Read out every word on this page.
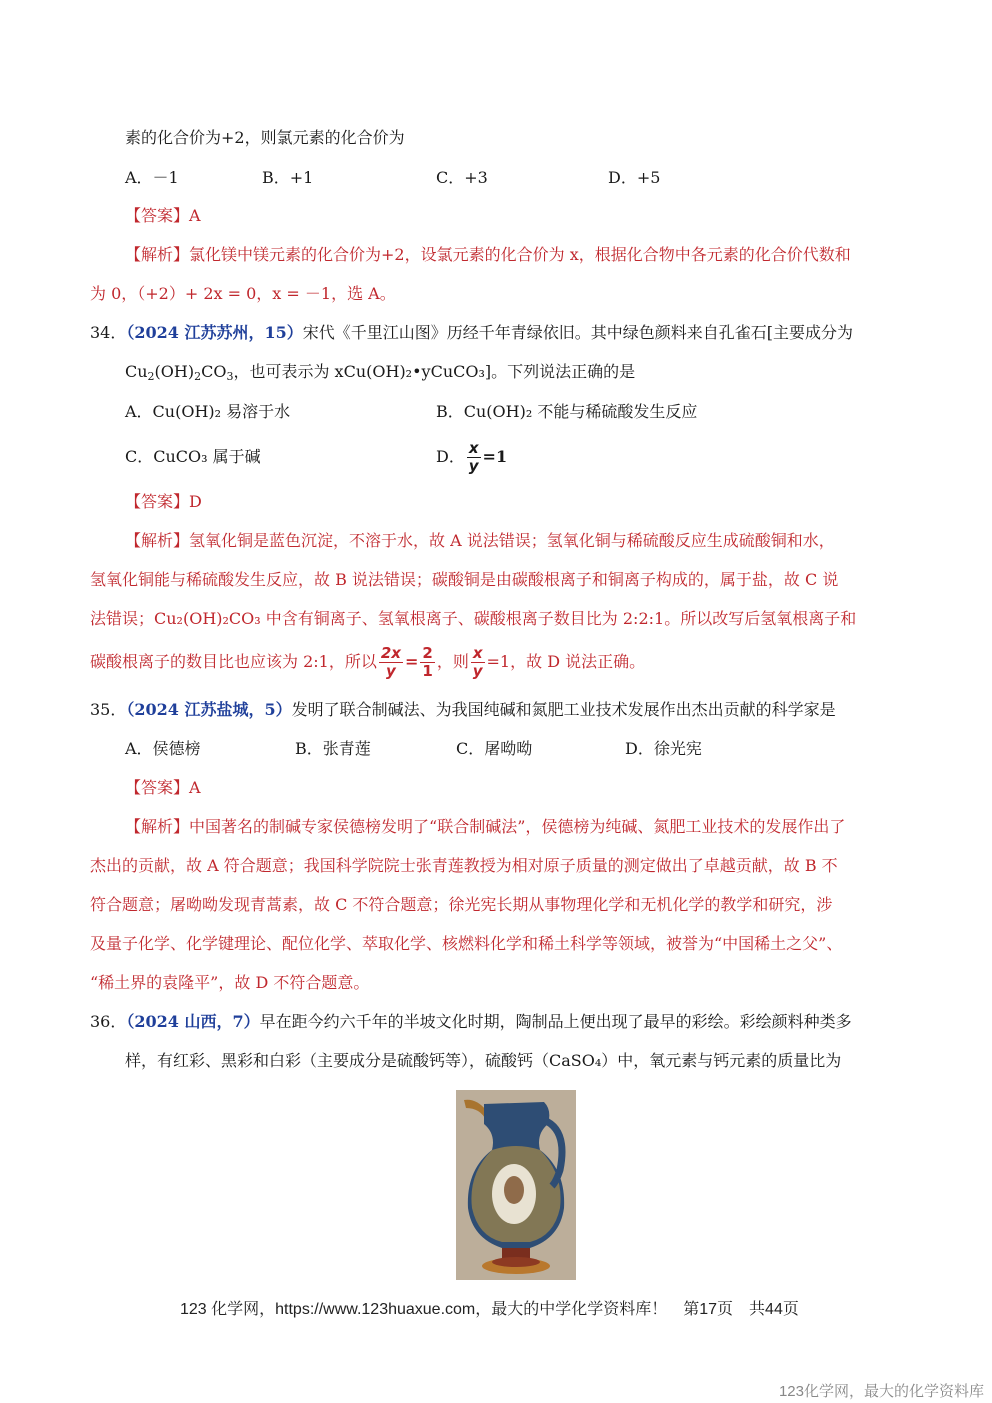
素的化合价为+2，则氯元素的化合价为
A．－1	B．+1	C．+3	D．+5
【答案】A
【解析】氯化镁中镁元素的化合价为+2，设氯元素的化合价为 x，根据化合物中各元素的化合价代数和
为 0，（+2）+ 2x = 0，x = －1，选 A。
34．（2024 江苏苏州，15）宋代《千里江山图》历经千年青绿依旧。其中绿色颜料来自孔雀石[主要成分为
$Cu_2(OH)_2CO_3$，也可表示为 xCu(OH)₂•yCuCO₃]。下列说法正确的是
A．Cu(OH)₂ 易溶于水	B．Cu(OH)₂ 不能与稀硫酸发生反应
C．CuCO₃ 属于碱	D． $\frac{x}{y} =1$
【答案】D
【解析】氢氧化铜是蓝色沉淀，不溶于水，故 A 说法错误；氢氧化铜与稀硫酸反应生成硫酸铜和水，
氢氧化铜能与稀硫酸发生反应，故 B 说法错误；碳酸铜是由碳酸根离子和铜离子构成的，属于盐，故 C 说
法错误；Cu₂(OH)₂CO₃ 中含有铜离子、氢氧根离子、碳酸根离子数目比为 2:2:1。所以改写后氢氧根离子和
碳酸根离子的数目比也应该为 2:1，所以 $\frac{2x}{y} = \frac{2}{1}$ ，则 $\frac{x}{y} =1$，故 D 说法正确。
35．（2024 江苏盐城，5）发明了联合制碱法、为我国纯碱和氮肥工业技术发展作出杰出贡献的科学家是
A．侯德榜	B．张青莲	C．屠呦呦	D．徐光宪
【答案】A
【解析】中国著名的制碱专家侯德榜发明了“联合制碱法”，侯德榜为纯碱、氮肥工业技术的发展作出了
杰出的贡献，故 A 符合题意；我国科学院院士张青莲教授为相对原子质量的测定做出了卓越贡献，故 B 不
符合题意；屠呦呦发现青蒿素，故 C 不符合题意；徐光宪长期从事物理化学和无机化学的教学和研究，涉
及量子化学、化学键理论、配位化学、萃取化学、核燃料化学和稀土科学等领域，被誉为“中国稀土之父”、
“稀土界的袁隆平”，故 D 不符合题意。
36．（2024 山西，7）早在距今约六千年的半坡文化时期，陶制品上便出现了最早的彩绘。彩绘颜料种类多
样，有红彩、黑彩和白彩（主要成分是硫酸钙等），硫酸钙（CaSO₄）中，氧元素与钙元素的质量比为
123 化学网，https://www.123huaxue.com，最大的中学化学资料库！　第17页　共44页
123化学网，最大的化学资料库
